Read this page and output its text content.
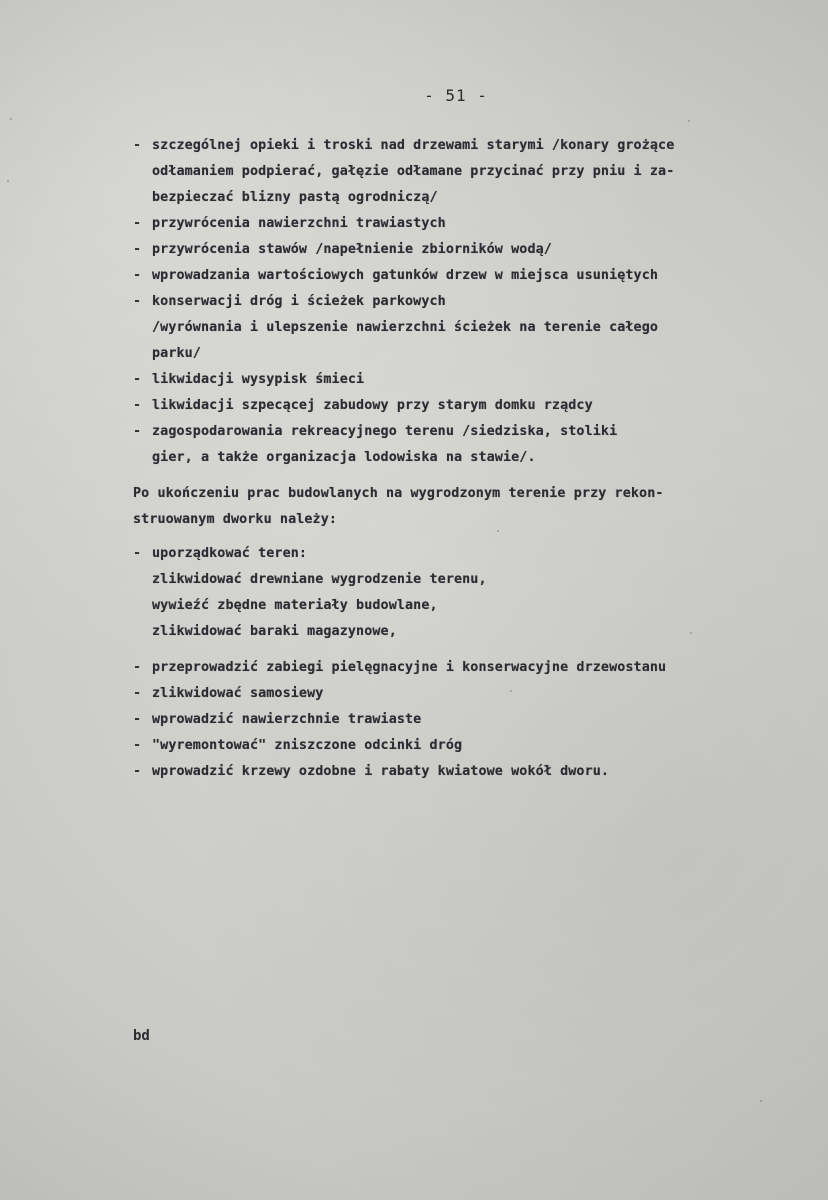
- 51 -
- szczególnej opieki i troski nad drzewami starymi /konary grożące
odłamaniem podpierać, gałęzie odłamane przycinać przy pniu i za-
bezpieczać blizny pastą ogrodniczą/
- przywrócenia nawierzchni trawiastych
- przywrócenia stawów /napełnienie zbiorników wodą/
- wprowadzania wartościowych gatunków drzew w miejsca usuniętych
- konserwacji dróg i ścieżek parkowych
/wyrównania i ulepszenie nawierzchni ścieżek na terenie całego
parku/
- likwidacji wysypisk śmieci
- likwidacji szpecącej zabudowy przy starym domku rządcy
- zagospodarowania rekreacyjnego terenu /siedziska, stoliki
gier, a także organizacja lodowiska na stawie/.
Po ukończeniu prac budowlanych na wygrodzonym terenie przy rekon-
struowanym dworku należy:
- uporządkować teren:
zlikwidować drewniane wygrodzenie terenu,
wywieźć zbędne materiały budowlane,
zlikwidować baraki magazynowe,
- przeprowadzić zabiegi pielęgnacyjne i konserwacyjne drzewostanu
- zlikwidować samosiewy
- wprowadzić nawierzchnie trawiaste
- "wyremontować" zniszczone odcinki dróg
- wprowadzić krzewy ozdobne i rabaty kwiatowe wokół dworu.
bd
